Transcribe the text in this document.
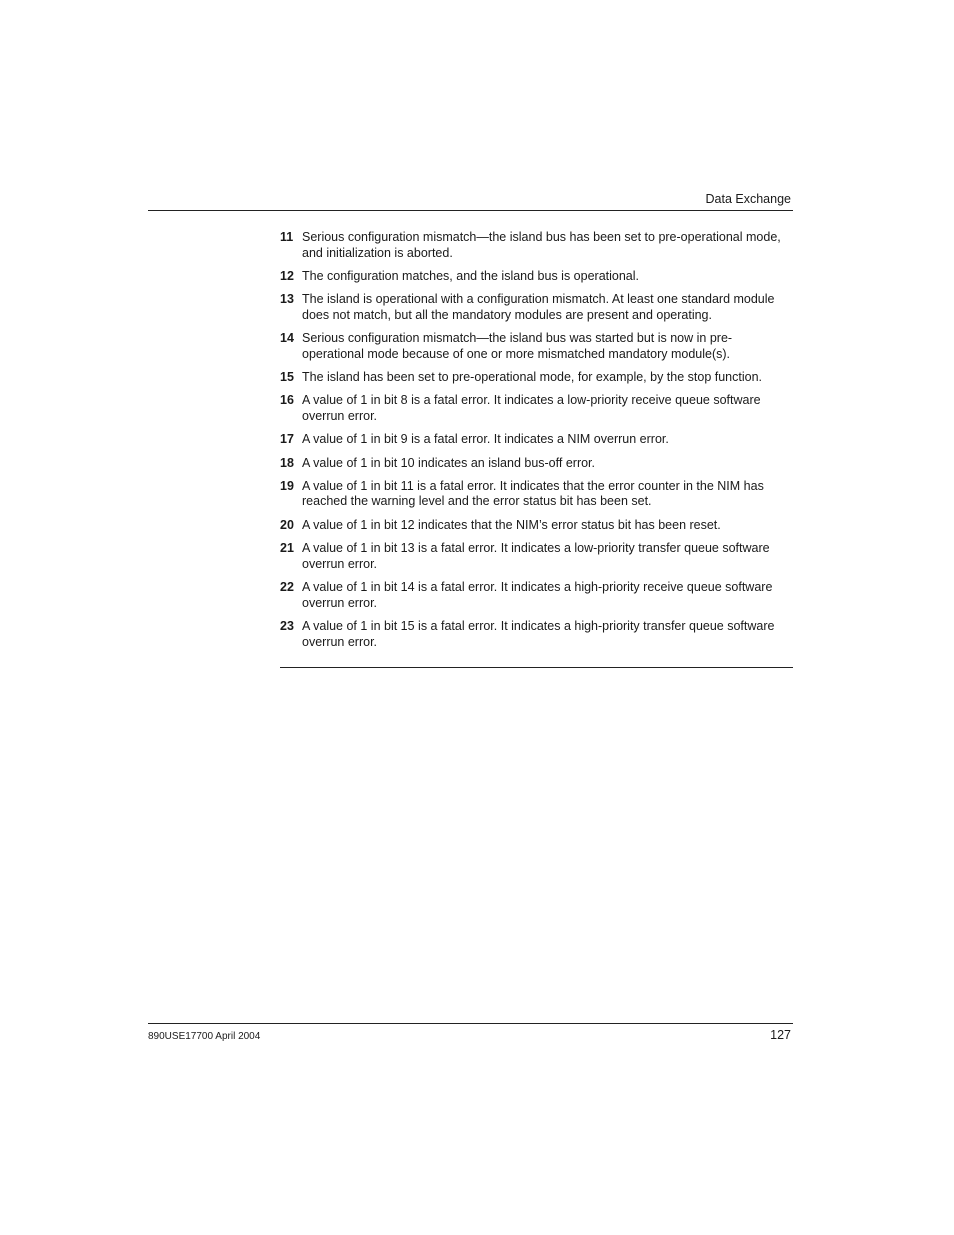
Data Exchange
11 Serious configuration mismatch—the island bus has been set to pre-operational mode, and initialization is aborted.
12 The configuration matches, and the island bus is operational.
13 The island is operational with a configuration mismatch. At least one standard module does not match, but all the mandatory modules are present and operating.
14 Serious configuration mismatch—the island bus was started but is now in pre-operational mode because of one or more mismatched mandatory module(s).
15 The island has been set to pre-operational mode, for example, by the stop function.
16 A value of 1 in bit 8 is a fatal error. It indicates a low-priority receive queue software overrun error.
17 A value of 1 in bit 9 is a fatal error. It indicates a NIM overrun error.
18 A value of 1 in bit 10 indicates an island bus-off error.
19 A value of 1 in bit 11 is a fatal error. It indicates that the error counter in the NIM has reached the warning level and the error status bit has been set.
20 A value of 1 in bit 12 indicates that the NIM’s error status bit has been reset.
21 A value of 1 in bit 13 is a fatal error. It indicates a low-priority transfer queue software overrun error.
22 A value of 1 in bit 14 is a fatal error. It indicates a high-priority receive queue software overrun error.
23 A value of 1 in bit 15 is a fatal error. It indicates a high-priority transfer queue software overrun error.
890USE17700 April 2004	127
